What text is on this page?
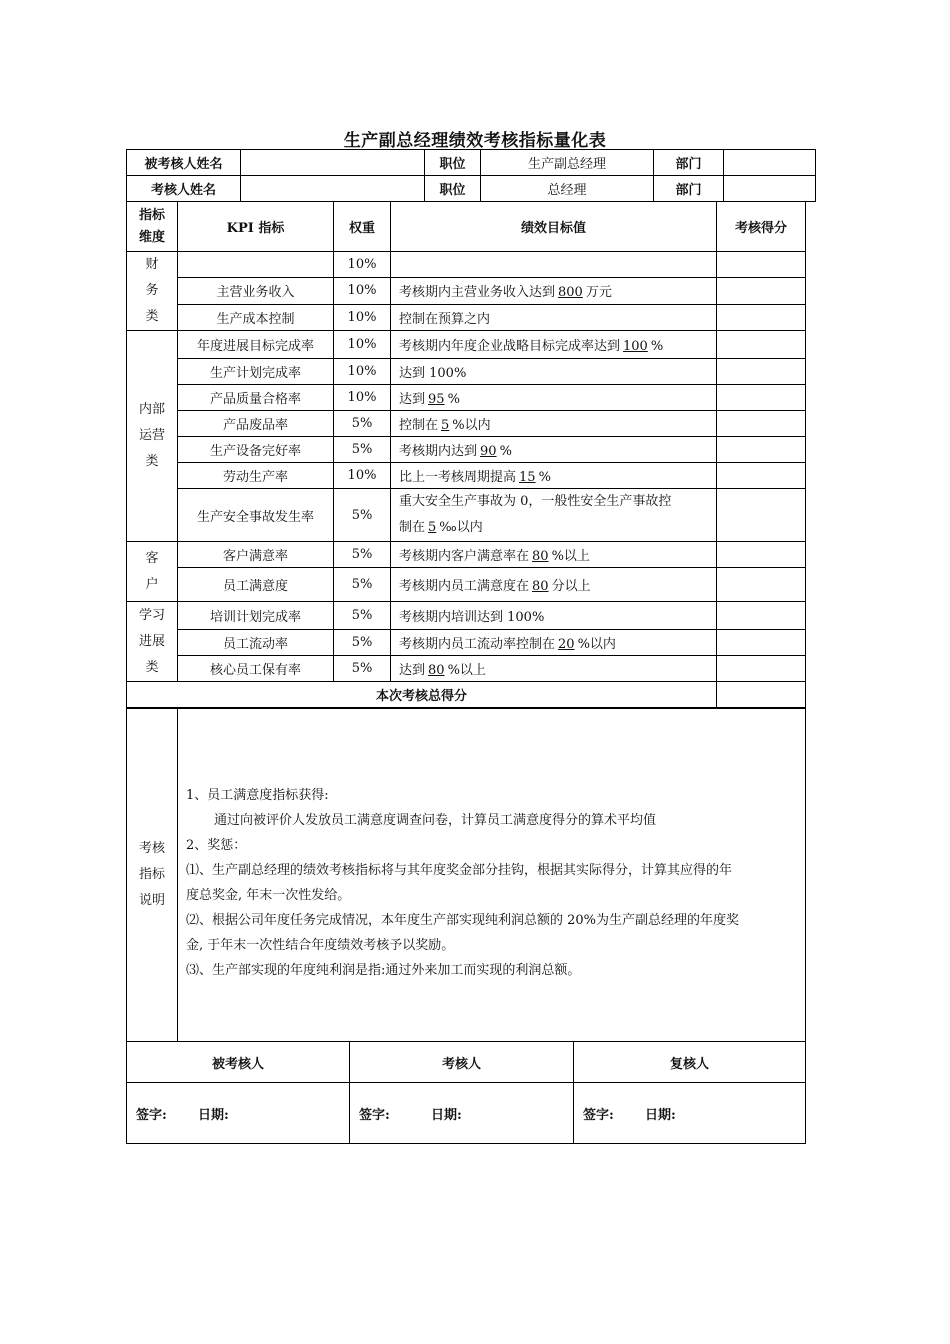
生产副总经理绩效考核指标量化表
被考核人姓名		职位	生产副总经理	部门	
考核人姓名		职位	总经理	部门	
指标维度	KPI 指标	权重	绩效目标值	考核得分

财
务
类		10%		
	主营业务收入	10%	考核期内主营业务收入达到 800 万元	
	生产成本控制	10%	控制在预算之内	

内部
运营
类	年度进展目标完成率	10%	考核期内年度企业战略目标完成率达到 100 %	
	生产计划完成率	10%	达到 100%	
	产品质量合格率	10%	达到 95 %	
	产品废品率	5%	控制在 5 %以内	
	生产设备完好率	5%	考核期内达到 90 %	
	劳动生产率	10%	比上一考核周期提高 15 %	
	生产安全事故发生率	5%	重大安全生产事故为 0，一般性安全生产事故控
制在 5 ‰以内	

客
户	客户满意率	5%	考核期内客户满意率在 80 %以上	
	员工满意度	5%	考核期内员工满意度在 80 分以上	

学习
进展
类	培训计划完成率	5%	考核期内培训达到 100%	
	员工流动率	5%	考核期内员工流动率控制在 20 %以内	
	核心员工保有率	5%	达到 80 %以上	
本次考核总得分				
考核
指标
说明

1、员工满意度指标获得:
通过向被评价人发放员工满意度调查问卷，计算员工满意度得分的算术平均值
2、奖惩：
⑴、生产副总经理的绩效考核指标将与其年度奖金部分挂钩，根据其实际得分，计算其应得的年
度总奖金, 年末一次性发给。
⑵、根据公司年度任务完成情况，本年度生产部实现纯利润总额的 20%为生产副总经理的年度奖
金, 于年末一次性结合年度绩效考核予以奖励。
⑶、生产部实现的年度纯利润是指:通过外来加工而实现的利润总额。
被考核人	考核人	复核人
签字: 日期:	签字: 日期:	签字: 日期:
